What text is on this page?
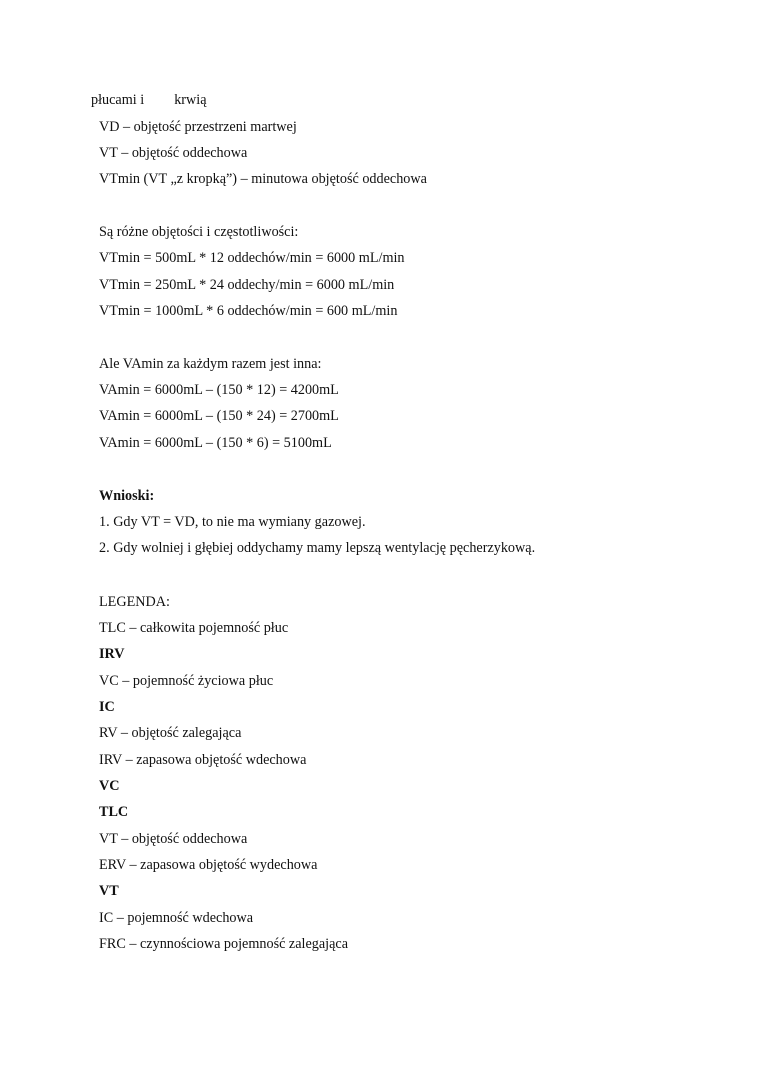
płucami i krwią
VD – objętość przestrzeni martwej
VT – objętość oddechowa
VTmin (VT „z kropką”) – minutowa objętość oddechowa
Są różne objętości i częstotliwości:
VTmin = 500mL * 12 oddechów/min = 6000 mL/min
VTmin = 250mL * 24 oddechy/min = 6000 mL/min
VTmin = 1000mL * 6 oddechów/min = 600 mL/min
Ale VAmin za każdym razem jest inna:
VAmin = 6000mL – (150 * 12) = 4200mL
VAmin = 6000mL – (150 * 24) = 2700mL
VAmin = 6000mL – (150 * 6) = 5100mL
Wnioski:
1. Gdy VT = VD, to nie ma wymiany gazowej.
2. Gdy wolniej i głębiej oddychamy mamy lepszą wentylację pęcherzykową.
LEGENDA:
TLC – całkowita pojemność płuc
IRV
VC – pojemność życiowa płuc
IC
RV – objętość zalegająca
IRV – zapasowa objętość wdechowa
VC
TLC
VT – objętość oddechowa
ERV – zapasowa objętość wydechowa
VT
IC – pojemność wdechowa
FRC – czynnościowa pojemność zalegająca
